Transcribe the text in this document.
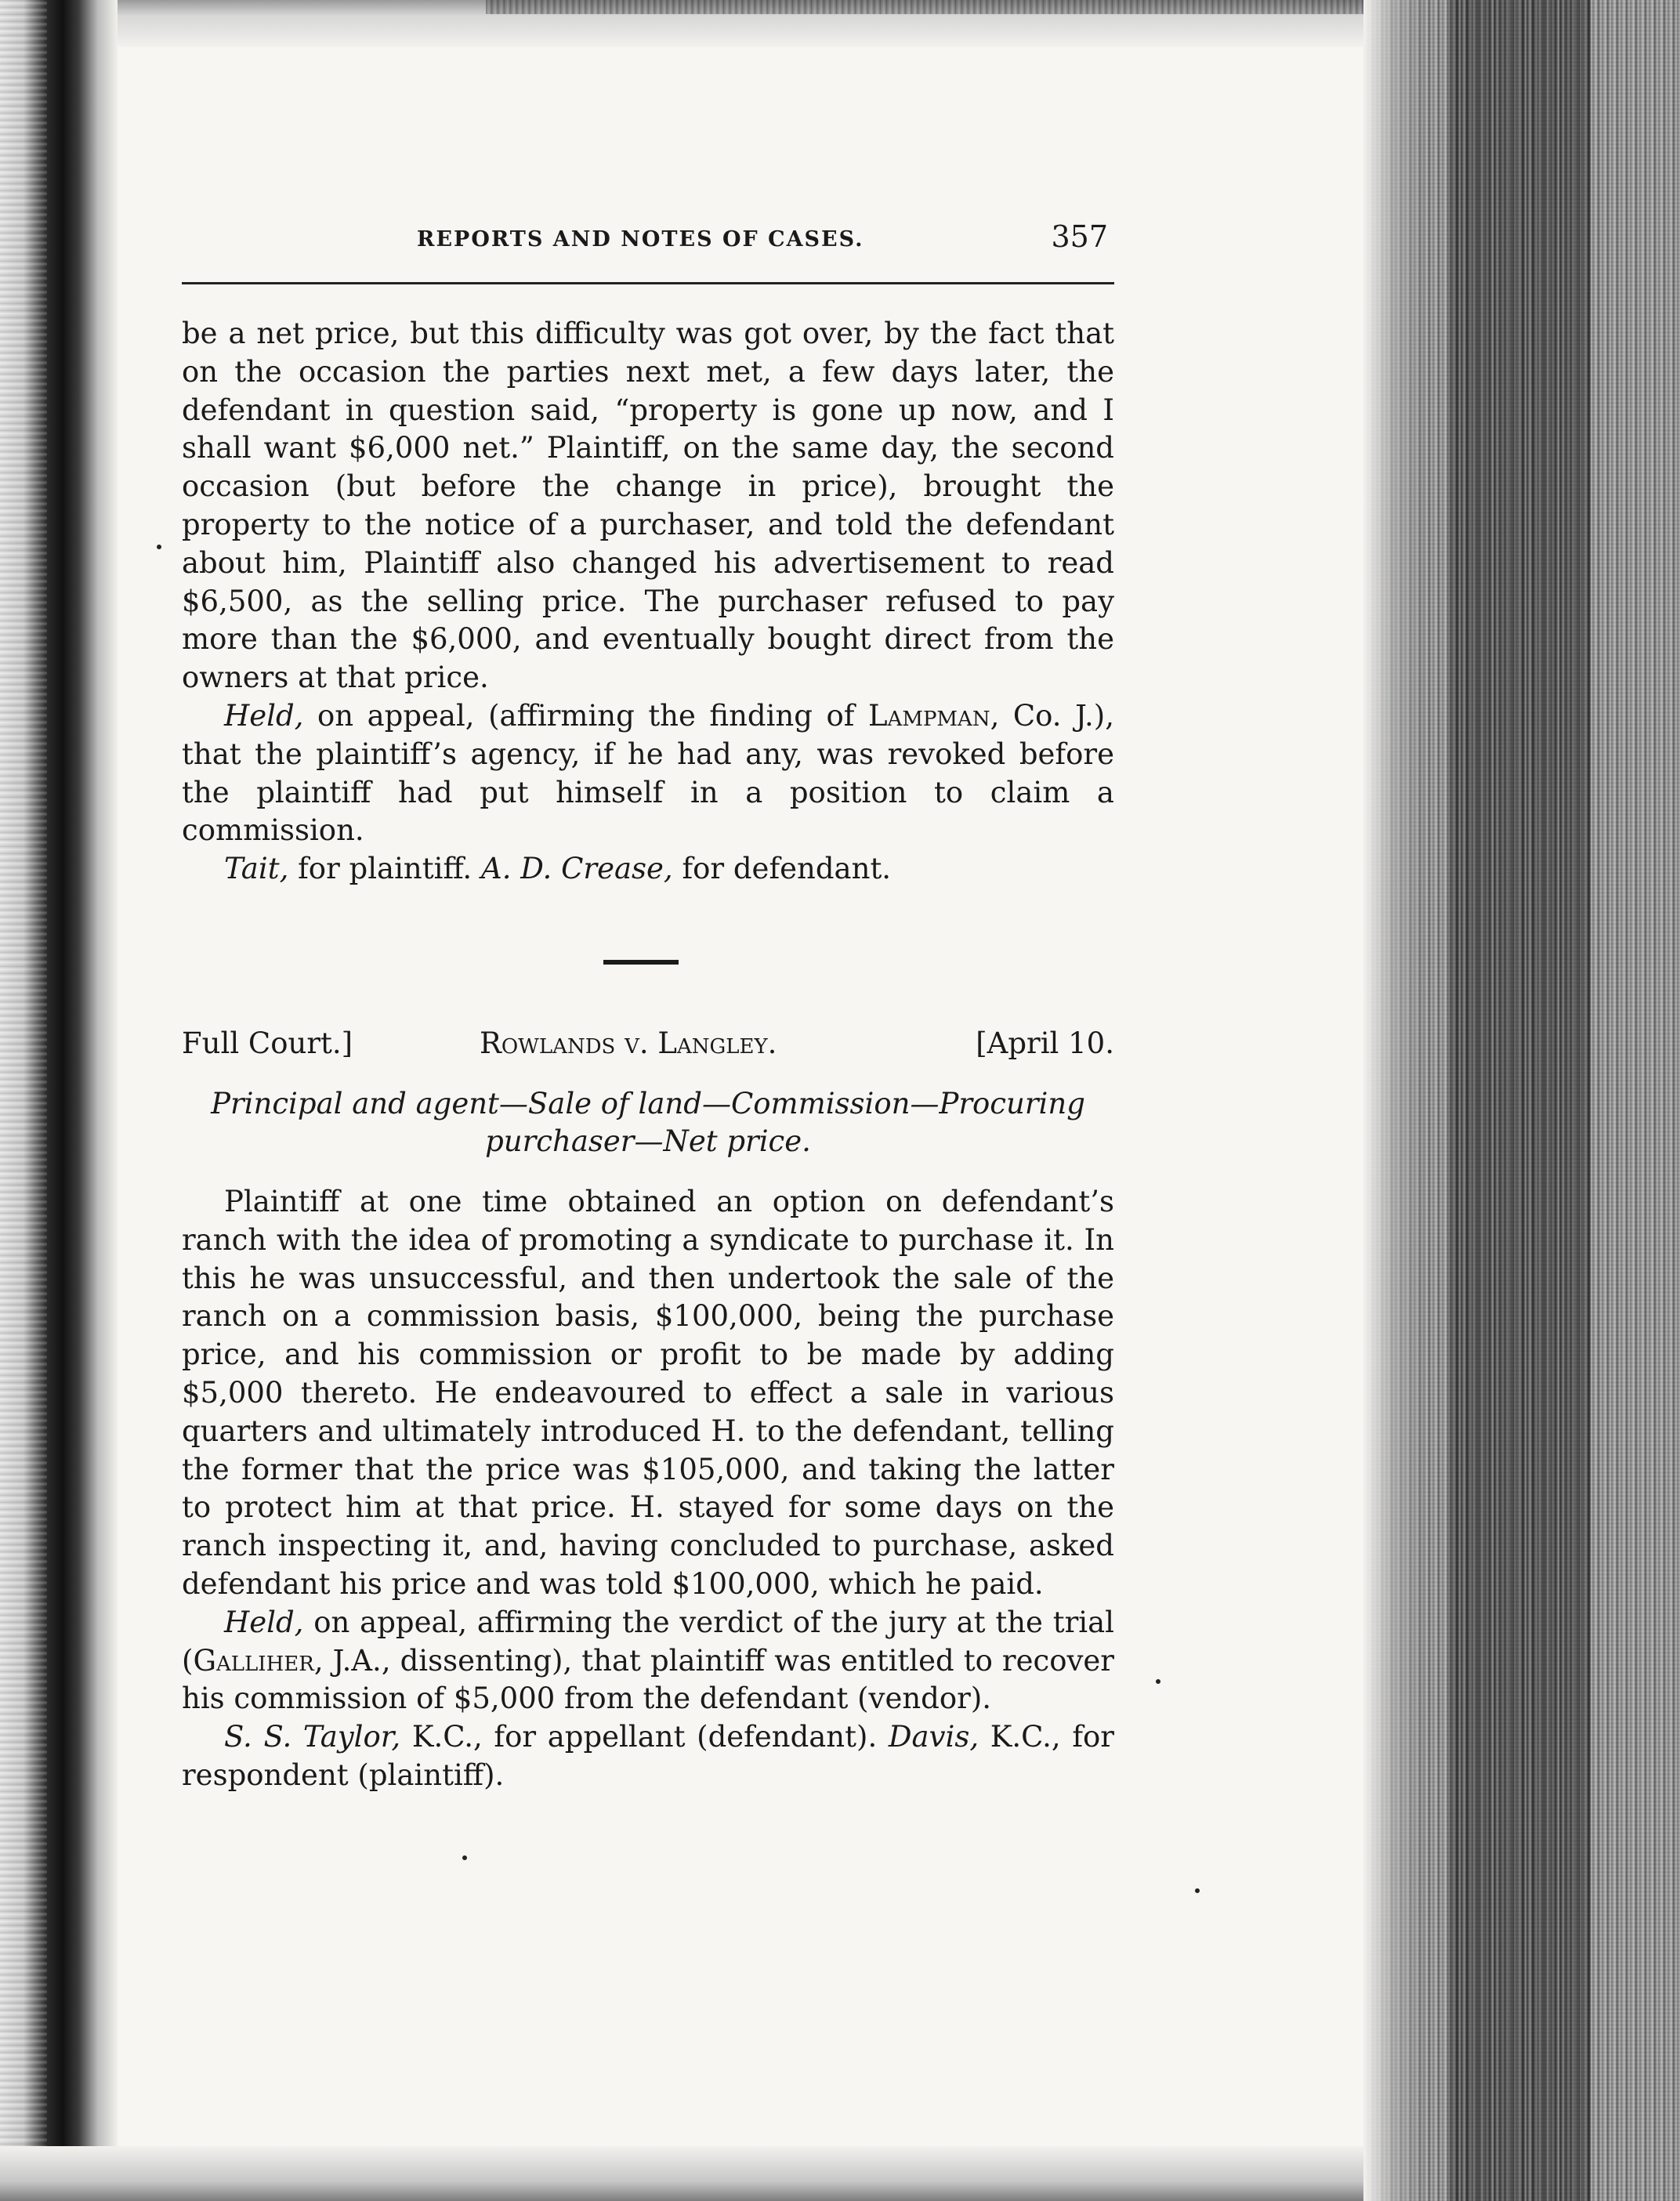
REPORTS AND NOTES OF CASES.	357

be a net price, but this difficulty was got over, by the fact that on the occasion the parties next met, a few days later, the defendant in question said, “property is gone up now, and I shall want $6,000 net.” Plaintiff, on the same day, the second occasion (but before the change in price), brought the property to the notice of a purchaser, and told the defendant about him, Plaintiff also changed his advertisement to read $6,500, as the selling price. The purchaser refused to pay more than the $6,000, and eventually bought direct from the owners at that price.

Held, on appeal, (affirming the finding of Lampman, Co. J.), that the plaintiff’s agency, if he had any, was revoked before the plaintiff had put himself in a position to claim a commission.

Tait, for plaintiff. A. D. Crease, for defendant.

Full Court.]	Rowlands v. Langley.	[April 10.
Principal and agent—Sale of land—Commission—Procuring purchaser—Net price.

Plaintiff at one time obtained an option on defendant’s ranch with the idea of promoting a syndicate to purchase it. In this he was unsuccessful, and then undertook the sale of the ranch on a commission basis, $100,000, being the purchase price, and his commission or profit to be made by adding $5,000 thereto. He endeavoured to effect a sale in various quarters and ultimately introduced H. to the defendant, telling the former that the price was $105,000, and taking the latter to protect him at that price. H. stayed for some days on the ranch inspecting it, and, having concluded to purchase, asked defendant his price and was told $100,000, which he paid.

Held, on appeal, affirming the verdict of the jury at the trial (Galliher, J.A., dissenting), that plaintiff was entitled to recover his commission of $5,000 from the defendant (vendor).

S. S. Taylor, K.C., for appellant (defendant). Davis, K.C., for respondent (plaintiff).
